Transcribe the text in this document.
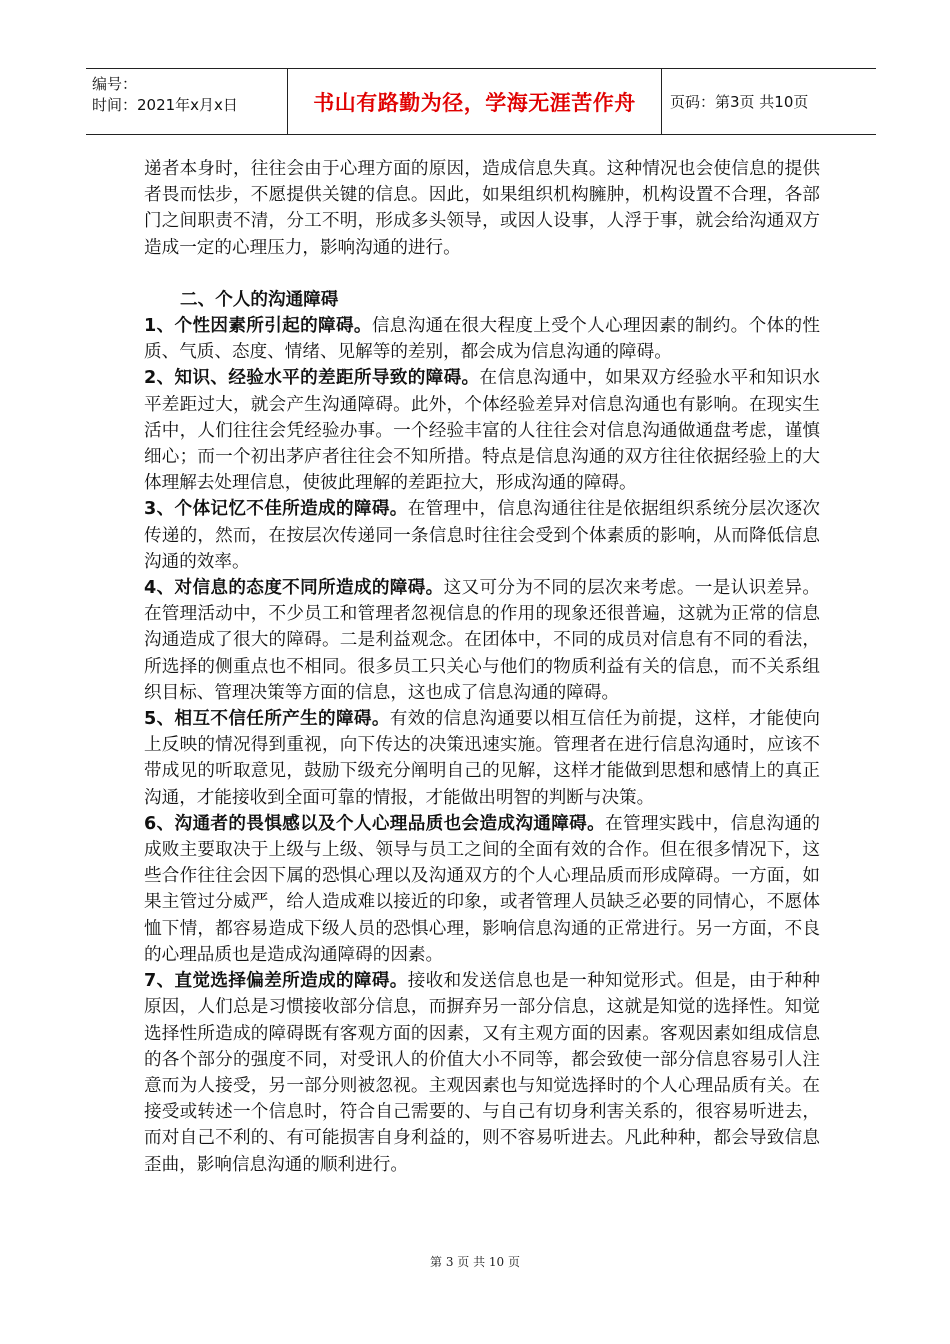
编号：
时间：2021年x月x日	书山有路勤为径，学海无涯苦作舟	页码：第3页 共10页

递者本身时，往往会由于心理方面的原因，造成信息失真。这种情况也会使信息的提供者畏而怯步，不愿提供关键的信息。因此，如果组织机构臃肿，机构设置不合理，各部门之间职责不清，分工不明，形成多头领导，或因人设事，人浮于事，就会给沟通双方造成一定的心理压力，影响沟通的进行。

二、个人的沟通障碍

1、个性因素所引起的障碍。信息沟通在很大程度上受个人心理因素的制约。个体的性质、气质、态度、情绪、见解等的差别，都会成为信息沟通的障碍。

2、知识、经验水平的差距所导致的障碍。在信息沟通中，如果双方经验水平和知识水平差距过大，就会产生沟通障碍。此外，个体经验差异对信息沟通也有影响。在现实生活中，人们往往会凭经验办事。一个经验丰富的人往往会对信息沟通做通盘考虑，谨慎细心；而一个初出茅庐者往往会不知所措。特点是信息沟通的双方往往依据经验上的大体理解去处理信息，使彼此理解的差距拉大，形成沟通的障碍。

3、个体记忆不佳所造成的障碍。在管理中，信息沟通往往是依据组织系统分层次逐次传递的，然而，在按层次传递同一条信息时往往会受到个体素质的影响，从而降低信息沟通的效率。

4、对信息的态度不同所造成的障碍。这又可分为不同的层次来考虑。一是认识差异。在管理活动中，不少员工和管理者忽视信息的作用的现象还很普遍，这就为正常的信息沟通造成了很大的障碍。二是利益观念。在团体中，不同的成员对信息有不同的看法，所选择的侧重点也不相同。很多员工只关心与他们的物质利益有关的信息，而不关系组织目标、管理决策等方面的信息，这也成了信息沟通的障碍。

5、相互不信任所产生的障碍。有效的信息沟通要以相互信任为前提，这样，才能使向上反映的情况得到重视，向下传达的决策迅速实施。管理者在进行信息沟通时，应该不带成见的听取意见，鼓励下级充分阐明自己的见解，这样才能做到思想和感情上的真正沟通，才能接收到全面可靠的情报，才能做出明智的判断与决策。

6、沟通者的畏惧感以及个人心理品质也会造成沟通障碍。在管理实践中，信息沟通的成败主要取决于上级与上级、领导与员工之间的全面有效的合作。但在很多情况下，这些合作往往会因下属的恐惧心理以及沟通双方的个人心理品质而形成障碍。一方面，如果主管过分威严，给人造成难以接近的印象，或者管理人员缺乏必要的同情心，不愿体恤下情，都容易造成下级人员的恐惧心理，影响信息沟通的正常进行。另一方面，不良的心理品质也是造成沟通障碍的因素。

7、直觉选择偏差所造成的障碍。接收和发送信息也是一种知觉形式。但是，由于种种原因，人们总是习惯接收部分信息，而摒弃另一部分信息，这就是知觉的选择性。知觉选择性所造成的障碍既有客观方面的因素，又有主观方面的因素。客观因素如组成信息的各个部分的强度不同，对受讯人的价值大小不同等，都会致使一部分信息容易引人注意而为人接受，另一部分则被忽视。主观因素也与知觉选择时的个人心理品质有关。在接受或转述一个信息时，符合自己需要的、与自己有切身利害关系的，很容易听进去，而对自己不利的、有可能损害自身利益的，则不容易听进去。凡此种种，都会导致信息歪曲，影响信息沟通的顺利进行。

第 3 页 共 10 页
